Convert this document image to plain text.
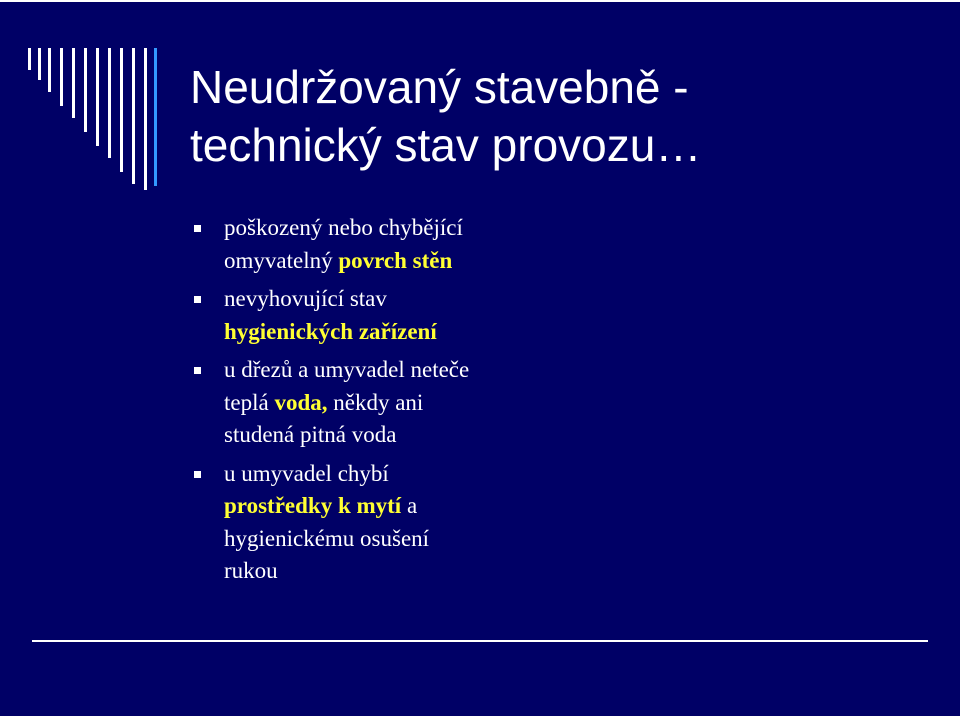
Neudržovaný stavebně -
technický stav provozu…
poškozený nebo chybějící
omyvatelný povrch stěn
nevyhovující stav
hygienických zařízení
u dřezů a umyvadel neteče
teplá voda, někdy ani
studená pitná voda
u umyvadel chybí
prostředky k mytí a
hygienickému osušení
rukou
